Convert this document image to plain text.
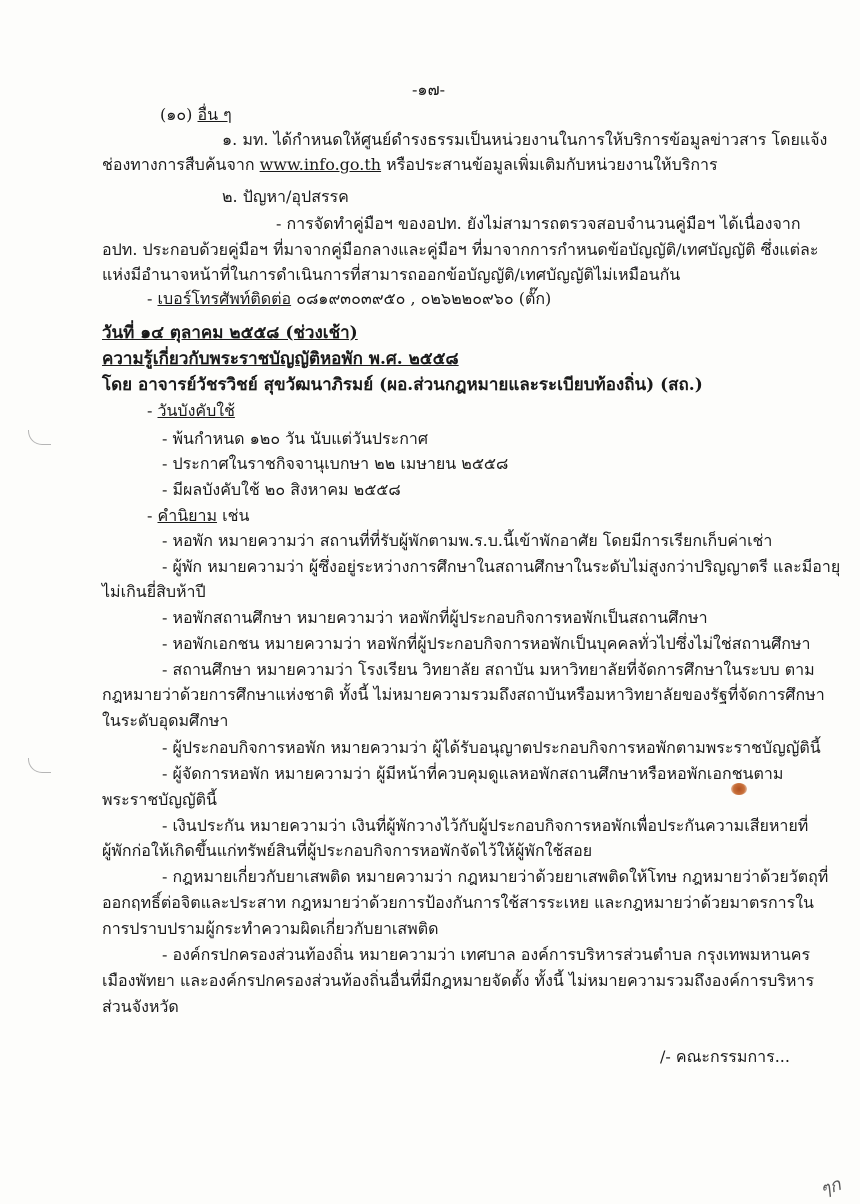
-๑๗-
(๑๐) อื่น ๆ
๑. มท. ได้กำหนดให้ศูนย์ดำรงธรรมเป็นหน่วยงานในการให้บริการข้อมูลข่าวสาร โดยแจ้ง
ช่องทางการสืบค้นจาก www.info.go.th หรือประสานข้อมูลเพิ่มเติมกับหน่วยงานให้บริการ
๒. ปัญหา/อุปสรรค
- การจัดทำคู่มือฯ ของอปท. ยังไม่สามารถตรวจสอบจำนวนคู่มือฯ ได้เนื่องจาก
อปท. ประกอบด้วยคู่มือฯ ที่มาจากคู่มือกลางและคู่มือฯ ที่มาจากการกำหนดข้อบัญญัติ/เทศบัญญัติ ซึ่งแต่ละ
แห่งมีอำนาจหน้าที่ในการดำเนินการที่สามารถออกข้อบัญญัติ/เทศบัญญัติไม่เหมือนกัน
- เบอร์โทรศัพท์ติดต่อ ๐๘๑๙๓๐๓๙๕๐ , ๐๒๖๒๒๐๙๖๐ (ตั๊ก)
วันที่ ๑๔ ตุลาคม ๒๕๕๘ (ช่วงเช้า)
ความรู้เกี่ยวกับพระราชบัญญัติหอพัก พ.ศ. ๒๕๕๘
โดย อาจารย์วัชรวิชย์ สุขวัฒนาภิรมย์ (ผอ.ส่วนกฎหมายและระเบียบท้องถิ่น) (สถ.)
- วันบังคับใช้
- พ้นกำหนด ๑๒๐ วัน นับแต่วันประกาศ
- ประกาศในราชกิจจานุเบกษา ๒๒ เมษายน ๒๕๕๘
- มีผลบังคับใช้ ๒๐ สิงหาคม ๒๕๕๘
- คำนิยาม เช่น
- หอพัก หมายความว่า สถานที่ที่รับผู้พักตามพ.ร.บ.นี้เข้าพักอาศัย โดยมีการเรียกเก็บค่าเช่า
- ผู้พัก หมายความว่า ผู้ซึ่งอยู่ระหว่างการศึกษาในสถานศึกษาในระดับไม่สูงกว่าปริญญาตรี และมีอายุ
ไม่เกินยี่สิบห้าปี
- หอพักสถานศึกษา หมายความว่า หอพักที่ผู้ประกอบกิจการหอพักเป็นสถานศึกษา
- หอพักเอกชน หมายความว่า หอพักที่ผู้ประกอบกิจการหอพักเป็นบุคคลทั่วไปซึ่งไม่ใช่สถานศึกษา
- สถานศึกษา หมายความว่า โรงเรียน วิทยาลัย สถาบัน มหาวิทยาลัยที่จัดการศึกษาในระบบ ตาม
กฎหมายว่าด้วยการศึกษาแห่งชาติ ทั้งนี้ ไม่หมายความรวมถึงสถาบันหรือมหาวิทยาลัยของรัฐที่จัดการศึกษา
ในระดับอุดมศึกษา
- ผู้ประกอบกิจการหอพัก หมายความว่า ผู้ได้รับอนุญาตประกอบกิจการหอพักตามพระราชบัญญัตินี้
- ผู้จัดการหอพัก หมายความว่า ผู้มีหน้าที่ควบคุมดูแลหอพักสถานศึกษาหรือหอพักเอกชนตาม
พระราชบัญญัตินี้
- เงินประกัน หมายความว่า เงินที่ผู้พักวางไว้กับผู้ประกอบกิจการหอพักเพื่อประกันความเสียหายที่
ผู้พักก่อให้เกิดขึ้นแก่ทรัพย์สินที่ผู้ประกอบกิจการหอพักจัดไว้ให้ผู้พักใช้สอย
- กฎหมายเกี่ยวกับยาเสพติด หมายความว่า กฎหมายว่าด้วยยาเสพติดให้โทษ กฎหมายว่าด้วยวัตถุที่
ออกฤทธิ์ต่อจิตและประสาท กฎหมายว่าด้วยการป้องกันการใช้สารระเหย และกฎหมายว่าด้วยมาตรการใน
การปราบปรามผู้กระทำความผิดเกี่ยวกับยาเสพติด
- องค์กรปกครองส่วนท้องถิ่น หมายความว่า เทศบาล องค์การบริหารส่วนตำบล กรุงเทพมหานคร
เมืองพัทยา และองค์กรปกครองส่วนท้องถิ่นอื่นที่มีกฎหมายจัดตั้ง ทั้งนี้ ไม่หมายความรวมถึงองค์การบริหาร
ส่วนจังหวัด
/- คณะกรรมการ...
ๆก
